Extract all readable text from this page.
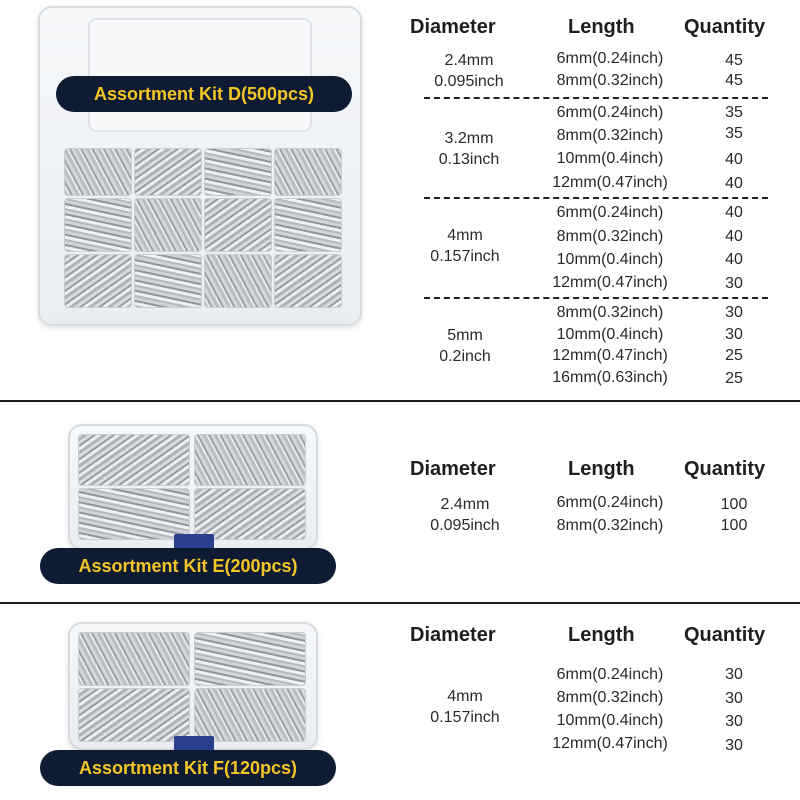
Assortment Kit D(500pcs)
Diameter	Length Quantity
2.4mm
0.095inch
6mm(0.24inch)	45
8mm(0.32inch)	45
3.2mm
0.13inch
6mm(0.24inch)	35
8mm(0.32inch)	35
10mm(0.4inch)	40
12mm(0.47inch)	40
4mm
0.157inch
6mm(0.24inch)	40
8mm(0.32inch)	40
10mm(0.4inch)	40
12mm(0.47inch)	30
5mm
0.2inch
8mm(0.32inch)	30
10mm(0.4inch)	30
12mm(0.47inch)	25
16mm(0.63inch)	25
Assortment Kit E(200pcs)
Diameter	Length Quantity
2.4mm
0.095inch
6mm(0.24inch)	100
8mm(0.32inch)	100
Assortment Kit F(120pcs)
Diameter	Length Quantity
4mm
0.157inch
6mm(0.24inch)	30
8mm(0.32inch)	30
10mm(0.4inch)	30
12mm(0.47inch)	30
